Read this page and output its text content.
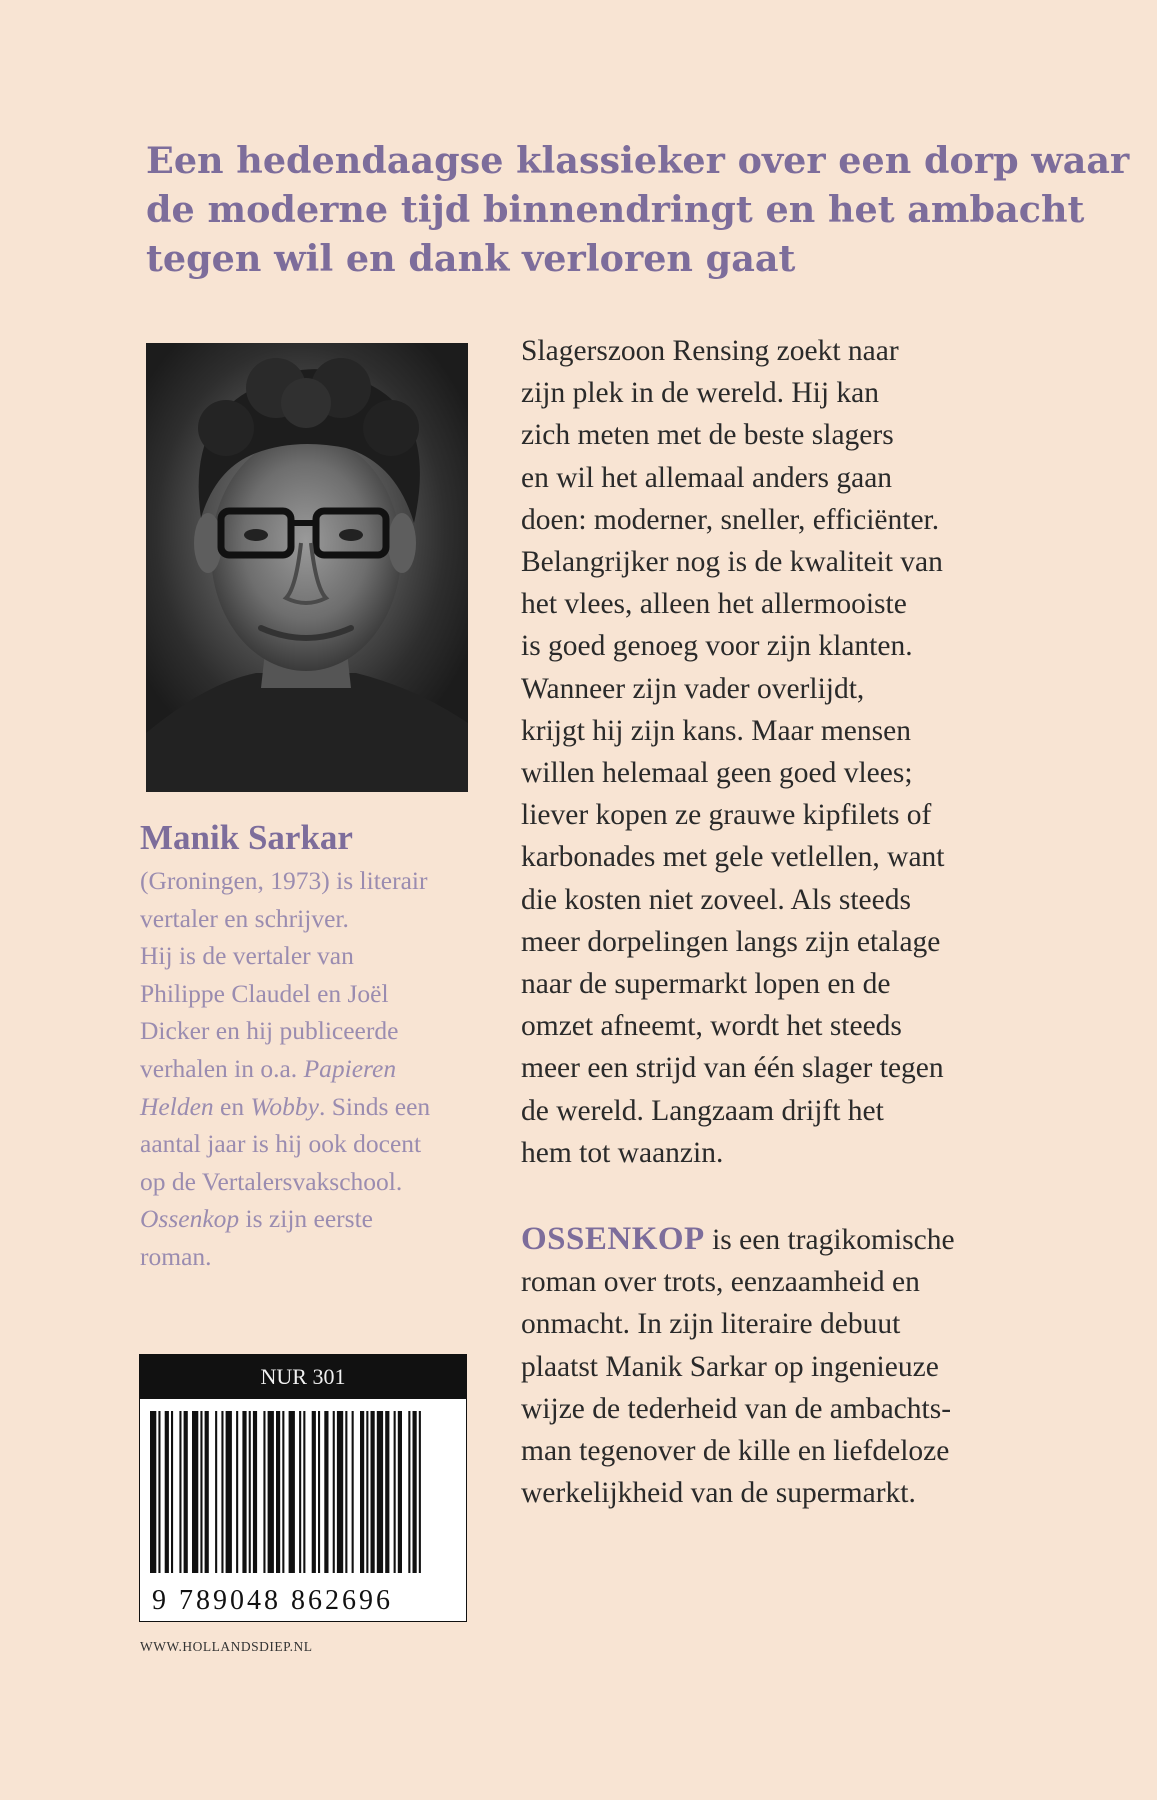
Een hedendaagse klassieker over een dorp waar
de moderne tijd binnendringt en het ambacht
tegen wil en dank verloren gaat
Manik Sarkar
(Groningen, 1973) is literair
vertaler en schrijver.
Hij is de vertaler van
Philippe Claudel en Joël
Dicker en hij publiceerde
verhalen in o.a. Papieren
Helden en Wobby. Sinds een
aantal jaar is hij ook docent
op de Vertalersvakschool.
Ossenkop is zijn eerste
roman.
NUR 301
9 789048 862696
WWW.HOLLANDSDIEP.NL
Slagerszoon Rensing zoekt naar
zijn plek in de wereld. Hij kan
zich meten met de beste slagers
en wil het allemaal anders gaan
doen: moderner, sneller, efficiënter.
Belangrijker nog is de kwaliteit van
het vlees, alleen het allermooiste
is goed genoeg voor zijn klanten.
Wanneer zijn vader overlijdt,
krijgt hij zijn kans. Maar mensen
willen helemaal geen goed vlees;
liever kopen ze grauwe kipfilets of
karbonades met gele vetlellen, want
die kosten niet zoveel. Als steeds
meer dorpelingen langs zijn etalage
naar de supermarkt lopen en de
omzet afneemt, wordt het steeds
meer een strijd van één slager tegen
de wereld. Langzaam drijft het
hem tot waanzin.
OSSENKOP is een tragikomische
roman over trots, eenzaamheid en
onmacht. In zijn literaire debuut
plaatst Manik Sarkar op ingenieuze
wijze de tederheid van de ambachts-
man tegenover de kille en liefdeloze
werkelijkheid van de supermarkt.
